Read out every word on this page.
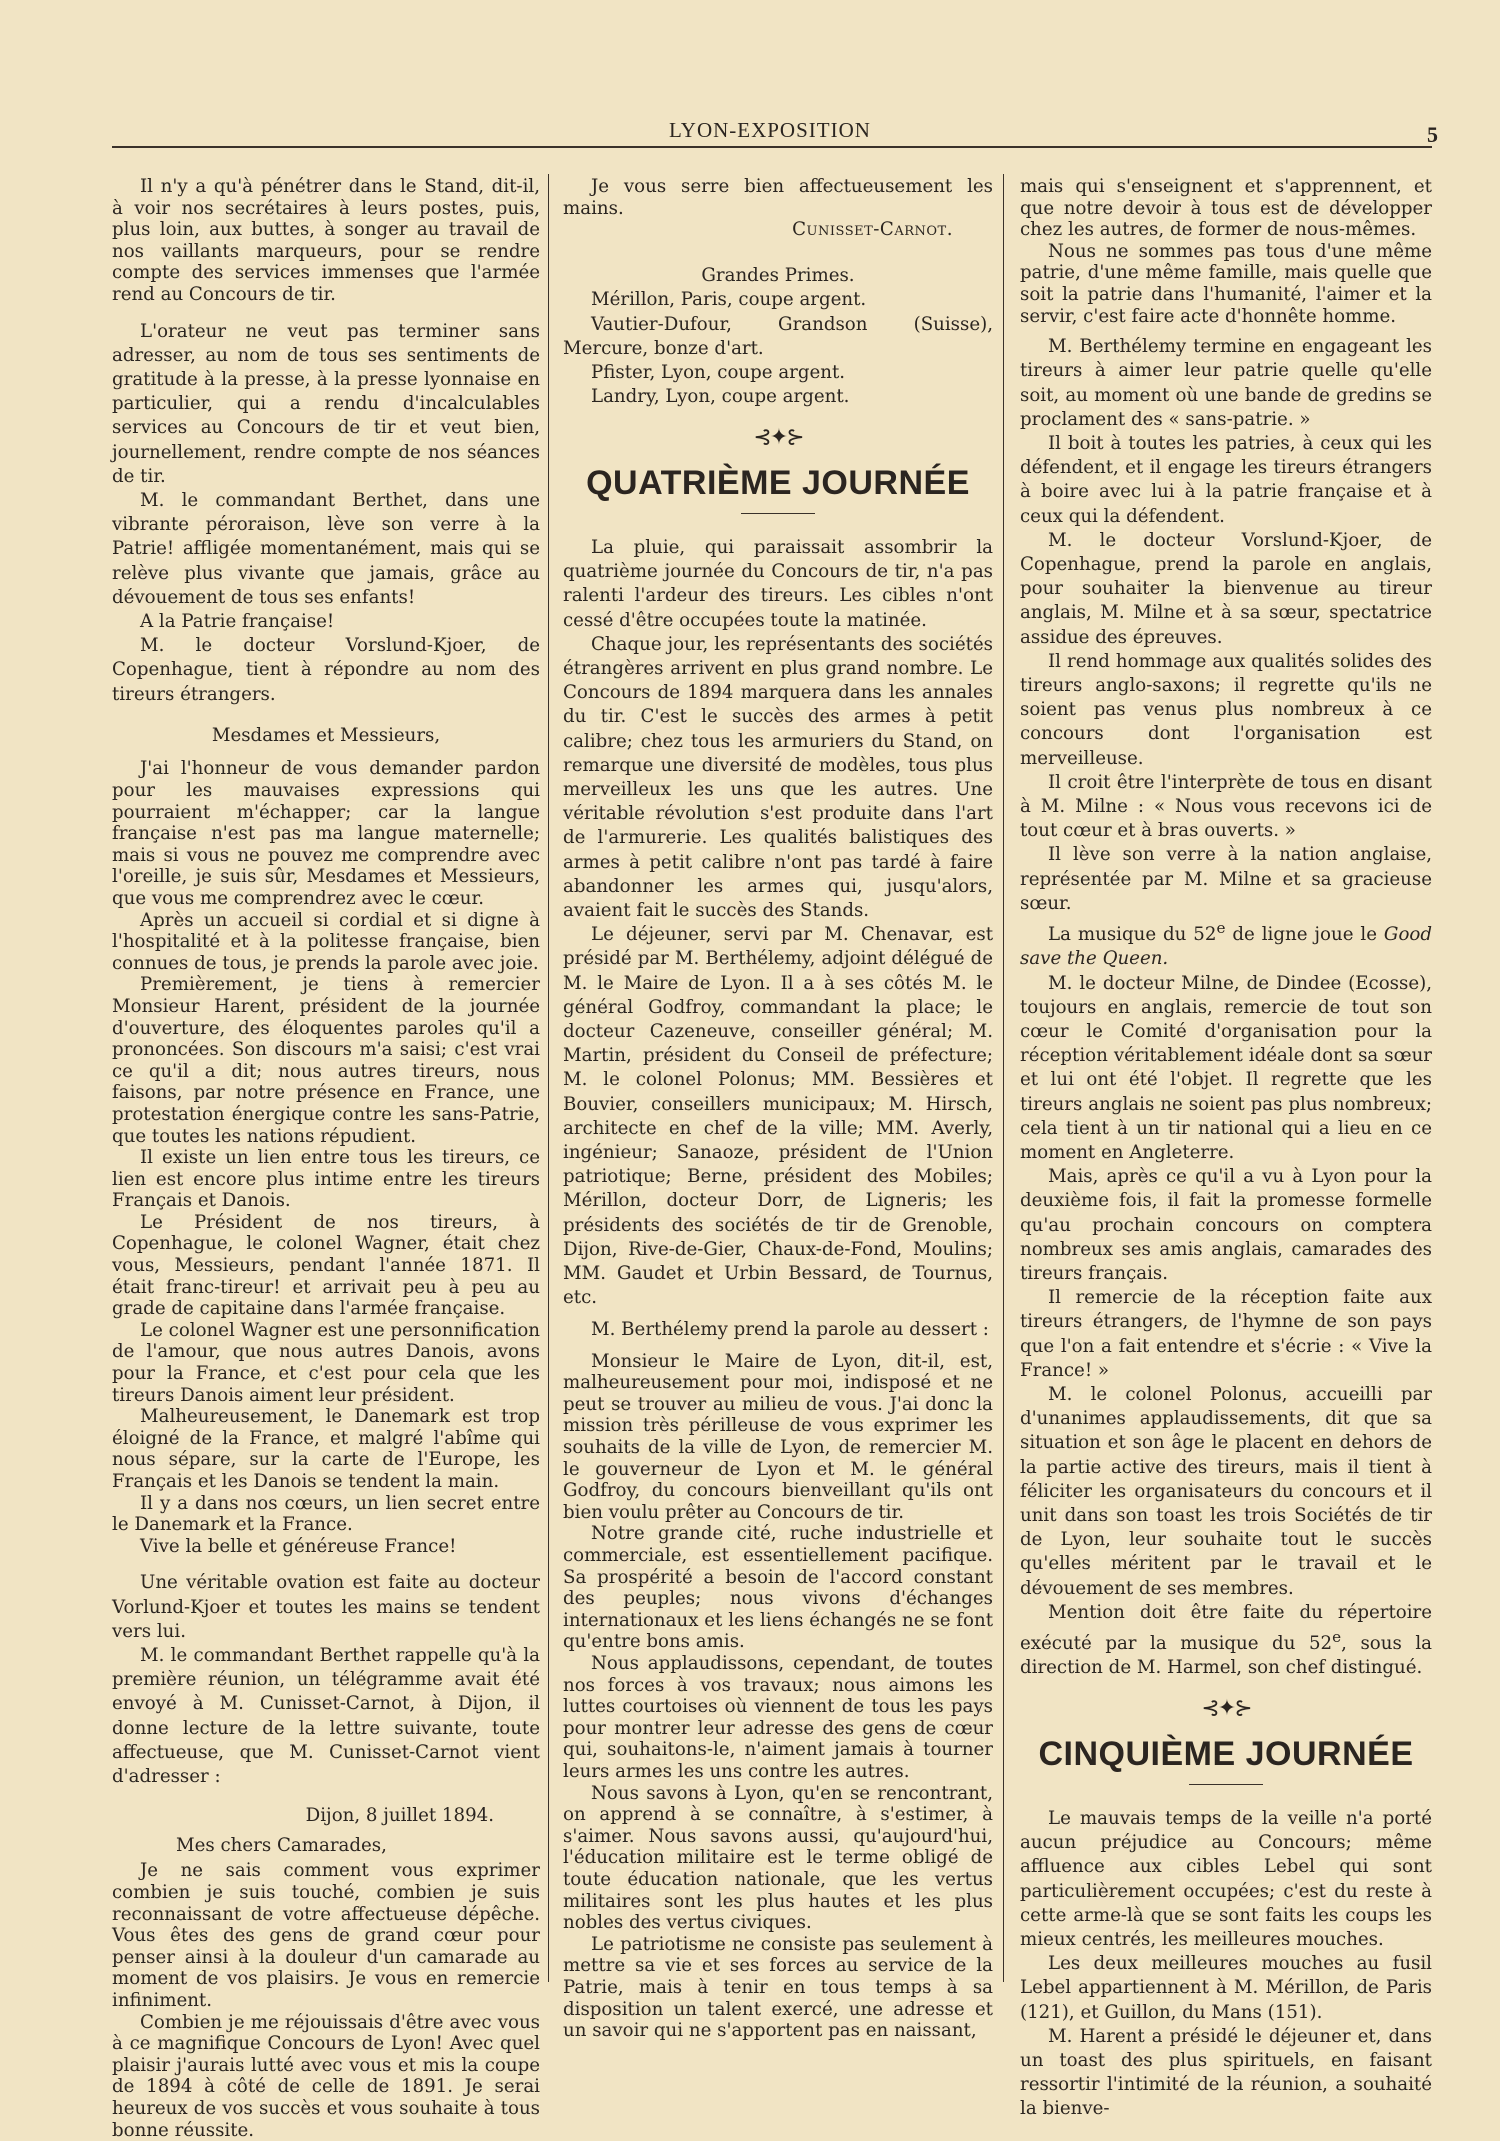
LYON-EXPOSITION	5

Il n'y a qu'à pénétrer dans le Stand, dit-il, à voir nos secrétaires à leurs postes, puis, plus loin, aux buttes, à songer au travail de nos vaillants marqueurs, pour se rendre compte des services immenses que l'armée rend au Concours de tir.

L'orateur ne veut pas terminer sans adresser, au nom de tous ses sentiments de gratitude à la presse, à la presse lyonnaise en particulier, qui a rendu d'incalculables services au Concours de tir et veut bien, journellement, rendre compte de nos séances de tir.

M. le commandant Berthet, dans une vibrante péroraison, lève son verre à la Patrie! affligée momentanément, mais qui se relève plus vivante que jamais, grâce au dévouement de tous ses enfants!

A la Patrie française!

M. le docteur Vorslund-Kjoer, de Copenhague, tient à répondre au nom des tireurs étrangers.

Mesdames et Messieurs,

J'ai l'honneur de vous demander pardon pour les mauvaises expressions qui pourraient m'échapper; car la langue française n'est pas ma langue maternelle; mais si vous ne pouvez me comprendre avec l'oreille, je suis sûr, Mesdames et Messieurs, que vous me comprendrez avec le cœur.

Après un accueil si cordial et si digne à l'hospitalité et à la politesse française, bien connues de tous, je prends la parole avec joie.

Premièrement, je tiens à remercier Monsieur Harent, président de la journée d'ouverture, des éloquentes paroles qu'il a prononcées. Son discours m'a saisi; c'est vrai ce qu'il a dit; nous autres tireurs, nous faisons, par notre présence en France, une protestation énergique contre les sans-Patrie, que toutes les nations répudient.

Il existe un lien entre tous les tireurs, ce lien est encore plus intime entre les tireurs Français et Danois.

Le Président de nos tireurs, à Copenhague, le colonel Wagner, était chez vous, Messieurs, pendant l'année 1871. Il était franc-tireur! et arrivait peu à peu au grade de capitaine dans l'armée française.

Le colonel Wagner est une personnification de l'amour, que nous autres Danois, avons pour la France, et c'est pour cela que les tireurs Danois aiment leur président.

Malheureusement, le Danemark est trop éloigné de la France, et malgré l'abîme qui nous sépare, sur la carte de l'Europe, les Français et les Danois se tendent la main.

Il y a dans nos cœurs, un lien secret entre le Danemark et la France.

Vive la belle et généreuse France!

Une véritable ovation est faite au docteur Vorlund-Kjoer et toutes les mains se tendent vers lui.

M. le commandant Berthet rappelle qu'à la première réunion, un télégramme avait été envoyé à M. Cunisset-Carnot, à Dijon, il donne lecture de la lettre suivante, toute affectueuse, que M. Cunisset-Carnot vient d'adresser :

Dijon, 8 juillet 1894.

Mes chers Camarades,

Je ne sais comment vous exprimer combien je suis touché, combien je suis reconnaissant de votre affectueuse dépêche. Vous êtes des gens de grand cœur pour penser ainsi à la douleur d'un camarade au moment de vos plaisirs. Je vous en remercie infiniment.

Combien je me réjouissais d'être avec vous à ce magnifique Concours de Lyon! Avec quel plaisir j'aurais lutté avec vous et mis la coupe de 1894 à côté de celle de 1891. Je serai heureux de vos succès et vous souhaite à tous bonne réussite.

Je vous serre bien affectueusement les mains.

Cunisset-Carnot.

Grandes Primes.

Mérillon, Paris, coupe argent.

Vautier-Dufour, Grandson (Suisse), Mercure, bonze d'art.

Pfister, Lyon, coupe argent.

Landry, Lyon, coupe argent.

⊰✦⊱

QUATRIÈME JOURNÉE

La pluie, qui paraissait assombrir la quatrième journée du Concours de tir, n'a pas ralenti l'ardeur des tireurs. Les cibles n'ont cessé d'être occupées toute la matinée.

Chaque jour, les représentants des sociétés étrangères arrivent en plus grand nombre. Le Concours de 1894 marquera dans les annales du tir. C'est le succès des armes à petit calibre; chez tous les armuriers du Stand, on remarque une diversité de modèles, tous plus merveilleux les uns que les autres. Une véritable révolution s'est produite dans l'art de l'armurerie. Les qualités balistiques des armes à petit calibre n'ont pas tardé à faire abandonner les armes qui, jusqu'alors, avaient fait le succès des Stands.

Le déjeuner, servi par M. Chenavar, est présidé par M. Berthélemy, adjoint délégué de M. le Maire de Lyon. Il a à ses côtés M. le général Godfroy, commandant la place; le docteur Cazeneuve, conseiller général; M. Martin, président du Conseil de préfecture; M. le colonel Polonus; MM. Bessières et Bouvier, conseillers municipaux; M. Hirsch, architecte en chef de la ville; MM. Averly, ingénieur; Sanaoze, président de l'Union patriotique; Berne, président des Mobiles; Mérillon, docteur Dorr, de Ligneris; les présidents des sociétés de tir de Grenoble, Dijon, Rive-de-Gier, Chaux-de-Fond, Moulins; MM. Gaudet et Urbin Bessard, de Tournus, etc.

M. Berthélemy prend la parole au dessert :

Monsieur le Maire de Lyon, dit-il, est, malheureusement pour moi, indisposé et ne peut se trouver au milieu de vous. J'ai donc la mission très périlleuse de vous exprimer les souhaits de la ville de Lyon, de remercier M. le gouverneur de Lyon et M. le général Godfroy, du concours bienveillant qu'ils ont bien voulu prêter au Concours de tir.

Notre grande cité, ruche industrielle et commerciale, est essentiellement pacifique. Sa prospérité a besoin de l'accord constant des peuples; nous vivons d'échanges internationaux et les liens échangés ne se font qu'entre bons amis.

Nous applaudissons, cependant, de toutes nos forces à vos travaux; nous aimons les luttes courtoises où viennent de tous les pays pour montrer leur adresse des gens de cœur qui, souhaitons-le, n'aiment jamais à tourner leurs armes les uns contre les autres.

Nous savons à Lyon, qu'en se rencontrant, on apprend à se connaître, à s'estimer, à s'aimer. Nous savons aussi, qu'aujourd'hui, l'éducation militaire est le terme obligé de toute éducation nationale, que les vertus militaires sont les plus hautes et les plus nobles des vertus civiques.

Le patriotisme ne consiste pas seulement à mettre sa vie et ses forces au service de la Patrie, mais à tenir en tous temps à sa disposition un talent exercé, une adresse et un savoir qui ne s'apportent pas en naissant,

mais qui s'enseignent et s'apprennent, et que notre devoir à tous est de développer chez les autres, de former de nous-mêmes.

Nous ne sommes pas tous d'une même patrie, d'une même famille, mais quelle que soit la patrie dans l'humanité, l'aimer et la servir, c'est faire acte d'honnête homme.

M. Berthélemy termine en engageant les tireurs à aimer leur patrie quelle qu'elle soit, au moment où une bande de gredins se proclament des « sans-patrie. »

Il boit à toutes les patries, à ceux qui les défendent, et il engage les tireurs étrangers à boire avec lui à la patrie française et à ceux qui la défendent.

M. le docteur Vorslund-Kjoer, de Copenhague, prend la parole en anglais, pour souhaiter la bienvenue au tireur anglais, M. Milne et à sa sœur, spectatrice assidue des épreuves.

Il rend hommage aux qualités solides des tireurs anglo-saxons; il regrette qu'ils ne soient pas venus plus nombreux à ce concours dont l'organisation est merveilleuse.

Il croit être l'interprète de tous en disant à M. Milne : « Nous vous recevons ici de tout cœur et à bras ouverts. »

Il lève son verre à la nation anglaise, représentée par M. Milne et sa gracieuse sœur.

La musique du 52e de ligne joue le Good save the Queen.

M. le docteur Milne, de Dindee (Ecosse), toujours en anglais, remercie de tout son cœur le Comité d'organisation pour la réception véritablement idéale dont sa sœur et lui ont été l'objet. Il regrette que les tireurs anglais ne soient pas plus nombreux; cela tient à un tir national qui a lieu en ce moment en Angleterre.

Mais, après ce qu'il a vu à Lyon pour la deuxième fois, il fait la promesse formelle qu'au prochain concours on comptera nombreux ses amis anglais, camarades des tireurs français.

Il remercie de la réception faite aux tireurs étrangers, de l'hymne de son pays que l'on a fait entendre et s'écrie : « Vive la France! »

M. le colonel Polonus, accueilli par d'unanimes applaudissements, dit que sa situation et son âge le placent en dehors de la partie active des tireurs, mais il tient à féliciter les organisateurs du concours et il unit dans son toast les trois Sociétés de tir de Lyon, leur souhaite tout le succès qu'elles méritent par le travail et le dévouement de ses membres.

Mention doit être faite du répertoire exécuté par la musique du 52e, sous la direction de M. Harmel, son chef distingué.

⊰✦⊱

CINQUIÈME JOURNÉE

Le mauvais temps de la veille n'a porté aucun préjudice au Concours; même affluence aux cibles Lebel qui sont particulièrement occupées; c'est du reste à cette arme-là que se sont faits les coups les mieux centrés, les meilleures mouches.

Les deux meilleures mouches au fusil Lebel appartiennent à M. Mérillon, de Paris (121), et Guillon, du Mans (151).

M. Harent a présidé le déjeuner et, dans un toast des plus spirituels, en faisant ressortir l'intimité de la réunion, a souhaité la bienve-
